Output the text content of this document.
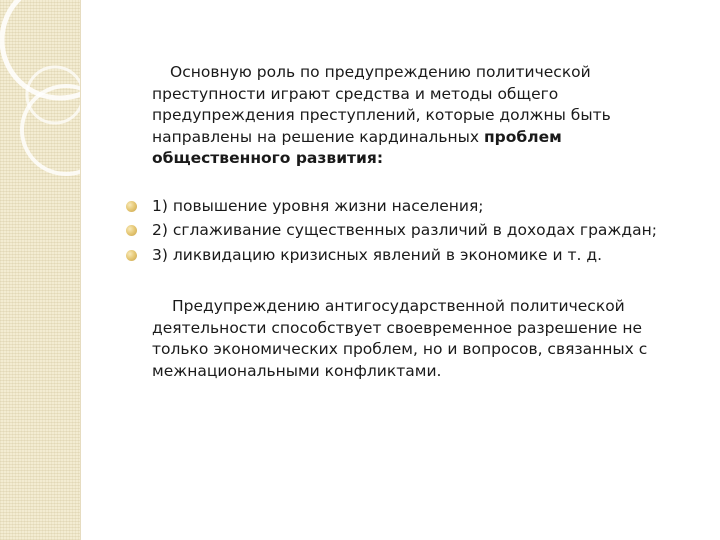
Основную роль по предупреждению политической преступности играют средства и методы общего предупреждения преступлений, которые должны быть направлены на решение кардинальных проблем общественного развития:

1) повышение уровня жизни населения;
2) сглаживание существенных различий в доходах граждан;
3) ликвидацию кризисных явлений в экономике и т. д.

Предупреждению антигосударственной политической деятельности способствует своевременное разрешение не только экономических проблем, но и вопросов, связанных с межнациональными конфликтами.
